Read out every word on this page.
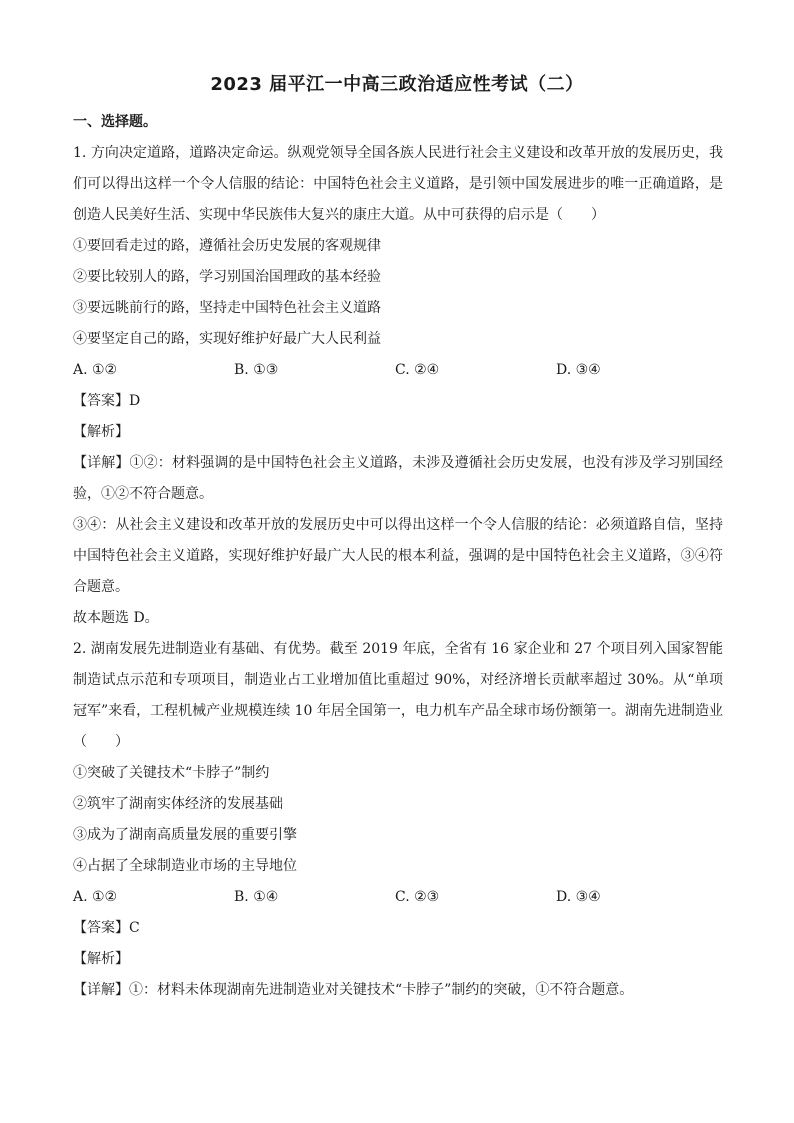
2023 届平江一中高三政治适应性考试（二）
一、选择题。
1. 方向决定道路，道路决定命运。纵观党领导全国各族人民进行社会主义建设和改革开放的发展历史，我们可以得出这样一个令人信服的结论：中国特色社会主义道路，是引领中国发展进步的唯一正确道路，是创造人民美好生活、实现中华民族伟大复兴的康庄大道。从中可获得的启示是（　　）
①要回看走过的路，遵循社会历史发展的客观规律
②要比较别人的路，学习别国治国理政的基本经验
③要远眺前行的路，坚持走中国特色社会主义道路
④要坚定自己的路，实现好维护好最广大人民利益
A. ①②	B. ①③	C. ②④	D. ③④
【答案】D
【解析】
【详解】①②：材料强调的是中国特色社会主义道路，未涉及遵循社会历史发展，也没有涉及学习别国经验，①②不符合题意。
③④：从社会主义建设和改革开放的发展历史中可以得出这样一个令人信服的结论：必须道路自信，坚持中国特色社会主义道路，实现好维护好最广大人民的根本利益，强调的是中国特色社会主义道路，③④符合题意。
故本题选 D。
2. 湖南发展先进制造业有基础、有优势。截至 2019 年底，全省有 16 家企业和 27 个项目列入国家智能制造试点示范和专项项目，制造业占工业增加值比重超过 90%，对经济增长贡献率超过 30%。从“单项冠军”来看，工程机械产业规模连续 10 年居全国第一，电力机车产品全球市场份额第一。湖南先进制造业（　　）
①突破了关键技术“卡脖子”制约
②筑牢了湖南实体经济的发展基础
③成为了湖南高质量发展的重要引擎
④占据了全球制造业市场的主导地位
A. ①②	B. ①④	C. ②③	D. ③④
【答案】C
【解析】
【详解】①：材料未体现湖南先进制造业对关键技术“卡脖子”制约的突破，①不符合题意。
